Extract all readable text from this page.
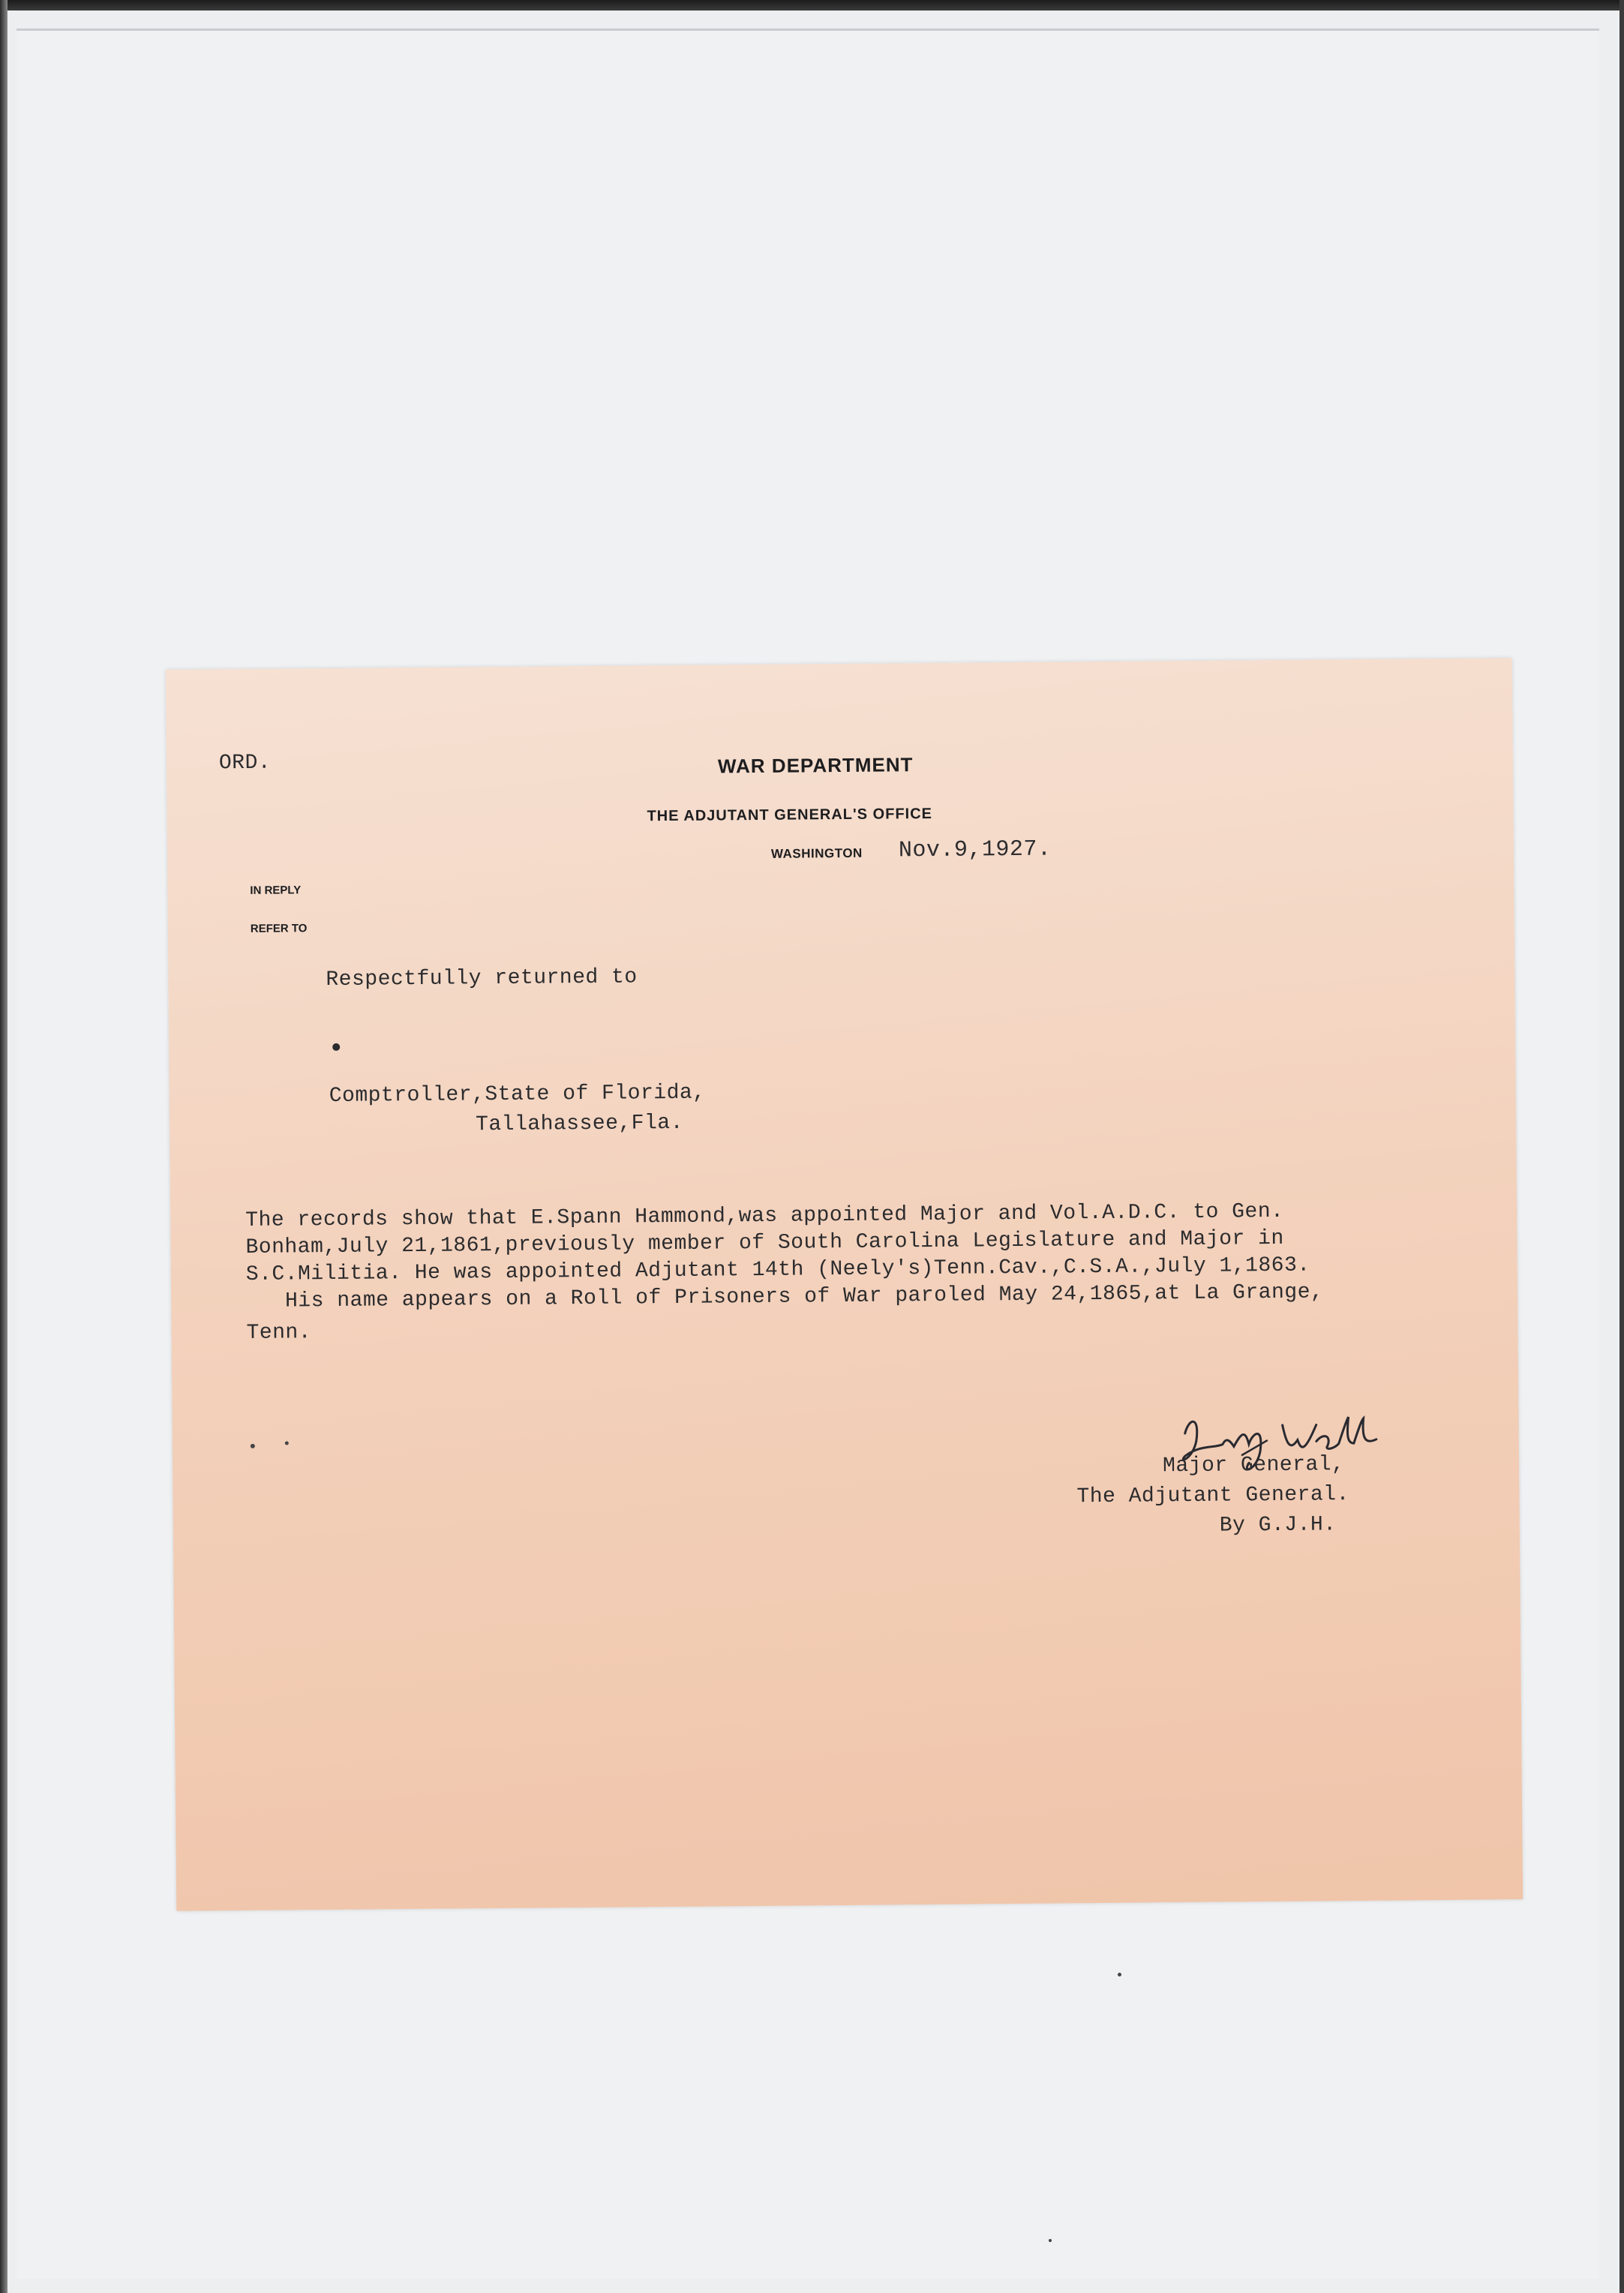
ORD.	WAR DEPARTMENT
THE ADJUTANT GENERAL'S OFFICE

IN REPLY

REFER TO

WASHINGTON Nov.9,1927.
Respectfully returned to
Comptroller,State of Florida,
Tallahassee,Fla.
The records show that E.Spann Hammond,was appointed Major and Vol.A.D.C. to Gen.
Bonham,July 21,1861,previously member of South Carolina Legislature and Major in
S.C.Militia. He was appointed Adjutant 14th (Neely's)Tenn.Cav.,C.S.A.,July 1,1863.
His name appears on a Roll of Prisoners of War paroled May 24,1865,at La Grange,
Tenn.
Major General,
The Adjutant General.
By G.J.H.
